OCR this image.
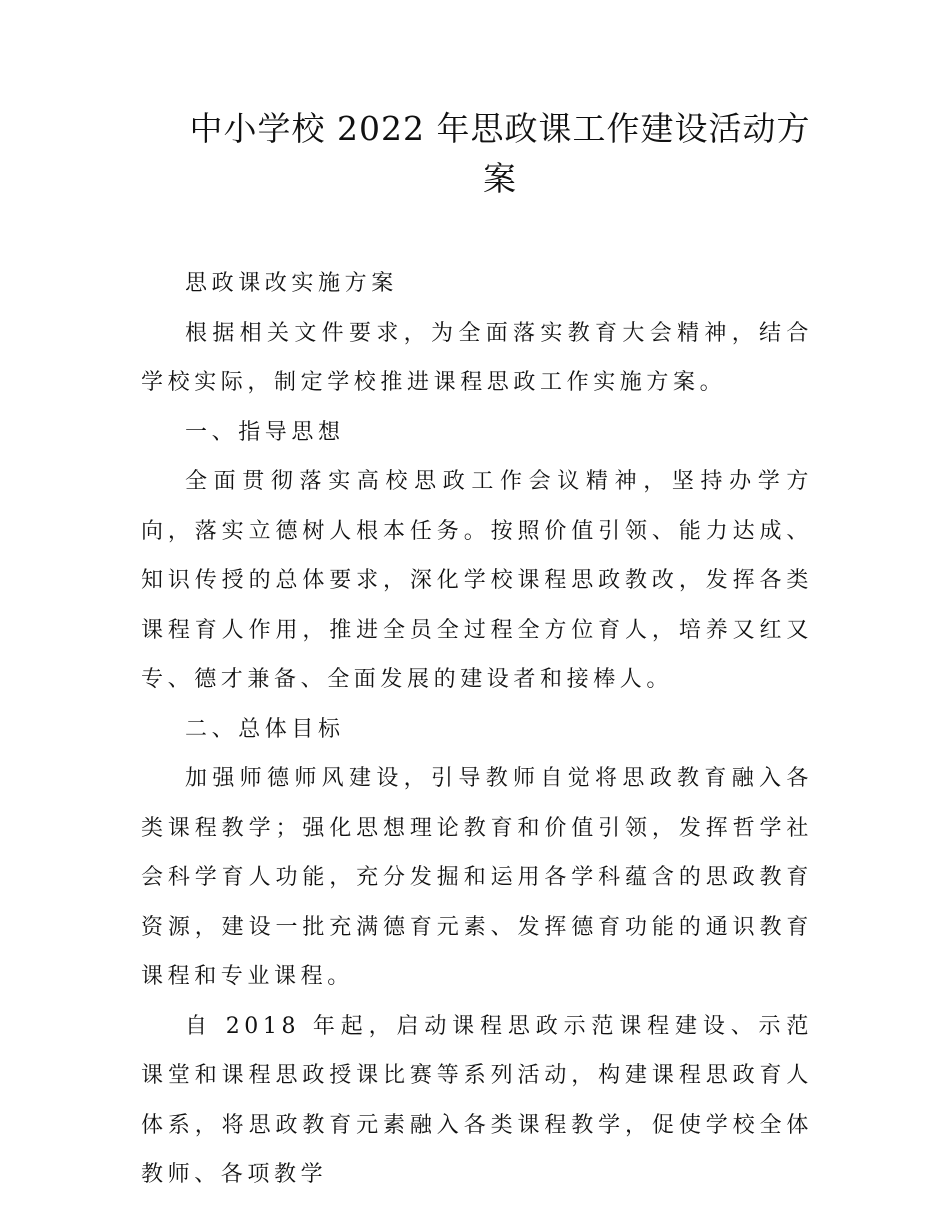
中小学校 2022 年思政课工作建设活动方
案

思政课改实施方案

根据相关文件要求，为全面落实教育大会精神，结合学校实际，制定学校推进课程思政工作实施方案。

一、指导思想

全面贯彻落实高校思政工作会议精神，坚持办学方向，落实立德树人根本任务。按照价值引领、能力达成、知识传授的总体要求，深化学校课程思政教改，发挥各类课程育人作用，推进全员全过程全方位育人，培养又红又专、德才兼备、全面发展的建设者和接棒人。

二、总体目标

加强师德师风建设，引导教师自觉将思政教育融入各类课程教学；强化思想理论教育和价值引领，发挥哲学社会科学育人功能，充分发掘和运用各学科蕴含的思政教育资源，建设一批充满德育元素、发挥德育功能的通识教育课程和专业课程。

自 2018 年起，启动课程思政示范课程建设、示范课堂和课程思政授课比赛等系列活动，构建课程思政育人体系，将思政教育元素融入各类课程教学，促使学校全体教师、各项教学
